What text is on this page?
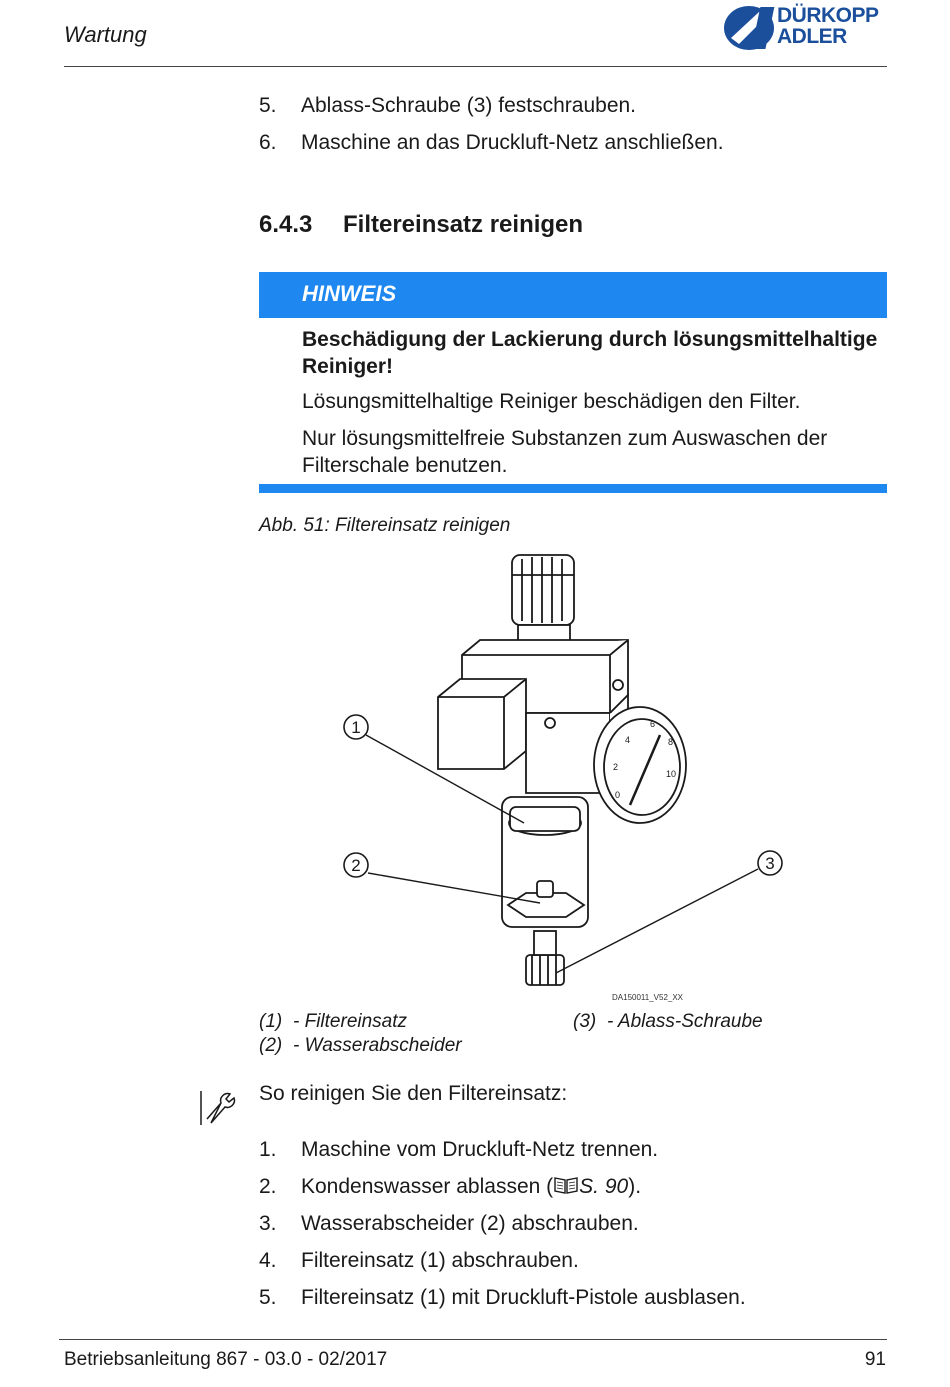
Wartung
DÜRKOPP
ADLER
5. Ablass-Schraube (3) festschrauben.
6. Maschine an das Druckluft-Netz anschließen.
6.4.3 Filtereinsatz reinigen
HINWEIS
Beschädigung der Lackierung durch lösungsmittelhaltige Reiniger!

Lösungsmittelhaltige Reiniger beschädigen den Filter.

Nur lösungsmittelfreie Substanzen zum Auswaschen der Filterschale benutzen.

Abb. 51: Filtereinsatz reinigen
0
2
4
6
8
10
1
2	3
DA150011_V52_XX
(1) - Filtereinsatz
(2) - Wasserabscheider
(3) - Ablass-Schraube
So reinigen Sie den Filtereinsatz:
1. Maschine vom Druckluft-Netz trennen.
2. Kondenswasser ablassen ( S. 90).
3. Wasserabscheider (2) abschrauben.
4. Filtereinsatz (1) abschrauben.
5. Filtereinsatz (1) mit Druckluft-Pistole ausblasen.
Betriebsanleitung 867 - 03.0 - 02/2017	91
